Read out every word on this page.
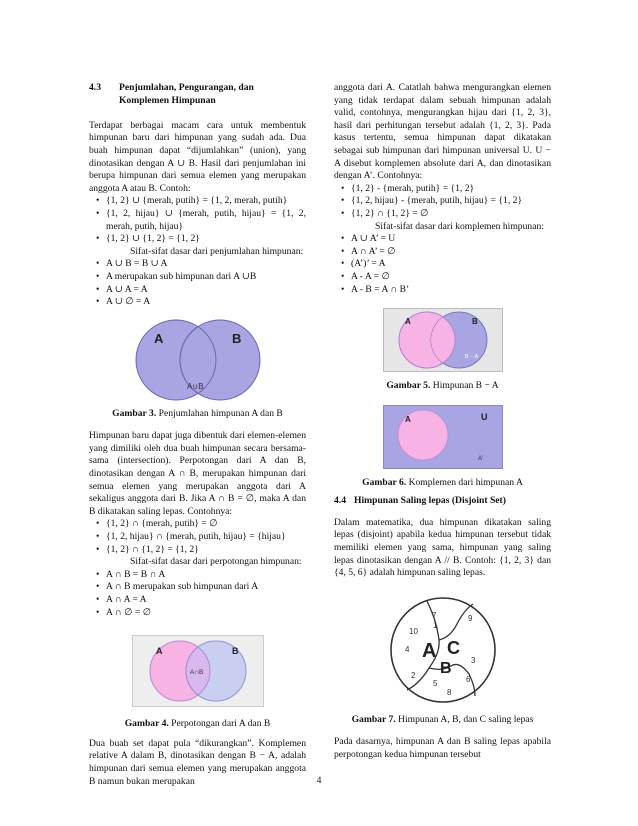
4.3	Penjumlahan, Pengurangan, dan
Komplemen Himpunan

Terdapat berbagai macam cara untuk membentuk himpunan baru dari himpunan yang sudah ada. Dua buah himpunan dapat “dijumlahkan” (union), yang dinotasikan dengan A ∪ B. Hasil dari penjumlahan ini berupa himpunan dari semua elemen yang merupakan anggota A atau B. Contoh:

• {1, 2} ∪ {merah, putih} = {1, 2, merah, putih}
• {1, 2, hijau} ∪ {merah, putih, hijau} = {1, 2, merah, putih, hijau}
• {1, 2} ∪ {1, 2} = {1, 2}
Sifat-sifat dasar dari penjumlahan himpunan:
• A ∪ B = B ∪ A
• A merupakan sub himpunan dari A ∪B
• A ∪ A = A
• A ∪ ∅ = A
A	B
A∪B
Gambar 3. Penjumlahan himpunan A dan B

Himpunan baru dapat juga dibentuk dari elemen-elemen yang dimiliki oleh dua buah himpunan secara bersama-sama (intersection). Perpotongan dari A dan B, dinotasikan dengan A ∩ B, merupakan himpunan dari semua elemen yang merupakan anggota dari A sekaligus anggota dari B. Jika A ∩ B = ∅, maka A dan B dikatakan saling lepas. Contohnya:

• {1, 2} ∩ {merah, putih} = ∅
• {1, 2, hijau} ∩ {merah, putih, hijau} = {hijau}
• {1, 2} ∩ {1, 2} = {1, 2}
Sifat-sifat dasar dari perpotongan himpunan:
• A ∩ B = B ∩ A
• A ∩ B merupakan sub himpunan dari A
• A ∩ A = A
• A ∩ ∅ = ∅
A	B
A∩B
Gambar 4. Perpotongan dari A dan B

Dua buah set dapat pula “dikurangkan”. Komplemen relative A dalam B, dinotasikan dengan B − A, adalah himpunan dari semua elemen yang merupakan anggota B namun bukan merupakan

anggota dari A. Catatlah bahwa mengurangkan elemen yang tidak terdapat dalam sebuah himpunan adalah valid, contohnya, mengurangkan hijau dari {1, 2, 3}, hasil dari perhitungan tersebut adalah {1, 2, 3}. Pada kasus tertentu, semua himpunan dapat dikatakan sebagai sub himpunan dari himpunan universal U. U − A disebut komplemen absolute dari A, dan dinotasikan dengan A’. Contohnya:

• {1, 2} - {merah, putih} = {1, 2}
• {1, 2, hijau} - {merah, putih, hijau} = {1, 2}
• {1, 2} ∩ {1, 2} = ∅
Sifat-sifat dasar dari komplemen himpunan:
• A ∪ A’ = U
• A ∩ A’ = ∅
• (A’)’ = A
• A - A = ∅
• A - B = A ∩ B’
A	B
B – A
Gambar 5. Himpunan B − A
A	U
A'
Gambar 6. Komplemen dari himpunan A
4.4 Himpunan Saling lepas (Disjoint Set)

Dalam matematika, dua himpunan dikatakan saling lepas (disjoint) apabila kedua himpunan tersebut tidak memiliki elemen yang sama, himpunan yang saling lepas dinotasikan dengan A // B. Contoh: {1, 2, 3} dan {4, 5, 6} adalah himpunan saling lepas.

7
1
10
4
9
3
2
5
8
6
A C
B
Gambar 7. Himpunan A, B, dan C saling lepas

Pada dasarnya, himpunan A dan B saling lepas apabila perpotongan kedua himpunan tersebut

4
